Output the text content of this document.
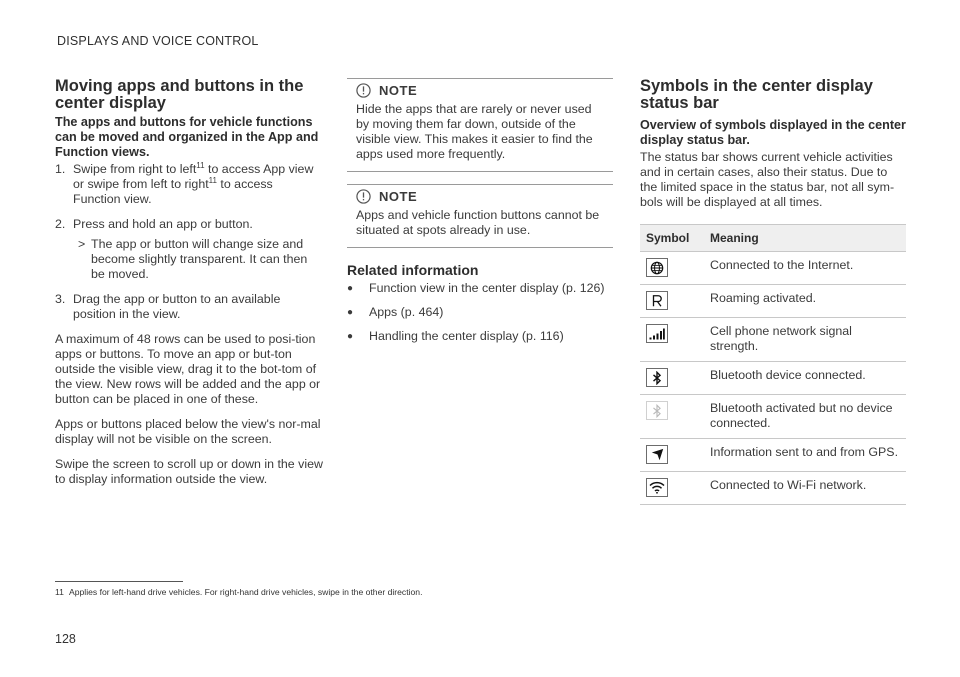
DISPLAYS AND VOICE CONTROL
Moving apps and buttons in the center display
The apps and buttons for vehicle functions can be moved and organized in the App and Function views.
1. Swipe from right to left$^{11}$ to access App view or swipe from left to right$^{11}$ to access Function view.
2. Press and hold an app or button.
> The app or button will change size and become slightly transparent. It can then be moved.
3. Drag the app or button to an available position in the view.

A maximum of 48 rows can be used to posi-tion apps or buttons. To move an app or but-ton outside the visible view, drag it to the bot-tom of the view. New rows will be added and the app or button can be placed in one of these.

Apps or buttons placed below the view's nor-mal display will not be visible on the screen.

Swipe the screen to scroll up or down in the view to display information outside the view.

NOTE

Hide the apps that are rarely or never used by moving them far down, outside of the visible view. This makes it easier to find the apps used more frequently.

NOTE

Apps and vehicle function buttons cannot be situated at spots already in use.

Related information
●	Function view in the center display (p. 126)
●	Apps (p. 464)
●	Handling the center display (p. 116)
Symbols in the center display status bar
Overview of symbols displayed in the center display status bar.

The status bar shows current vehicle activities and in certain cases, also their status. Due to the limited space in the status bar, not all sym-bols will be displayed at all times.

Symbol	Meaning

	Connected to the Internet.

	Roaming activated.

	Cell phone network signal strength.

	Bluetooth device connected.

	Bluetooth activated but no device connected.

	Information sent to and from GPS.

	Connected to Wi-Fi network.
11 Applies for left-hand drive vehicles. For right-hand drive vehicles, swipe in the other direction.
128
